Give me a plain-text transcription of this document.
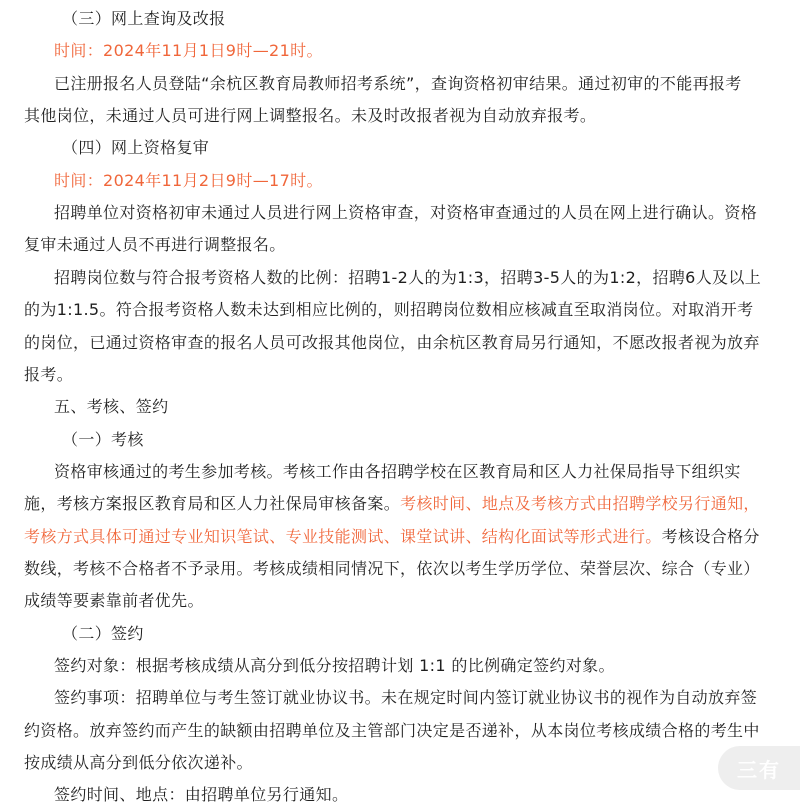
（三）网上查询及改报
时间：2024年11月1日9时—21时。
已注册报名人员登陆“余杭区教育局教师招考系统”，查询资格初审结果。通过初审的不能再报考
其他岗位，未通过人员可进行网上调整报名。未及时改报者视为自动放弃报考。
（四）网上资格复审
时间：2024年11月2日9时—17时。
招聘单位对资格初审未通过人员进行网上资格审查，对资格审查通过的人员在网上进行确认。资格
复审未通过人员不再进行调整报名。
招聘岗位数与符合报考资格人数的比例：招聘1-2人的为1:3，招聘3-5人的为1:2，招聘6人及以上
的为1:1.5。符合报考资格人数未达到相应比例的，则招聘岗位数相应核减直至取消岗位。对取消开考
的岗位，已通过资格审查的报名人员可改报其他岗位，由余杭区教育局另行通知，不愿改报者视为放弃
报考。
五、考核、签约
（一）考核
资格审核通过的考生参加考核。考核工作由各招聘学校在区教育局和区人力社保局指导下组织实
施，考核方案报区教育局和区人力社保局审核备案。考核时间、地点及考核方式由招聘学校另行通知，
考核方式具体可通过专业知识笔试、专业技能测试、课堂试讲、结构化面试等形式进行。考核设合格分
数线，考核不合格者不予录用。考核成绩相同情况下，依次以考生学历学位、荣誉层次、综合（专业）
成绩等要素靠前者优先。
（二）签约
签约对象：根据考核成绩从高分到低分按招聘计划 1:1 的比例确定签约对象。
签约事项：招聘单位与考生签订就业协议书。未在规定时间内签订就业协议书的视作为自动放弃签
约资格。放弃签约而产生的缺额由招聘单位及主管部门决定是否递补，从本岗位考核成绩合格的考生中
按成绩从高分到低分依次递补。
签约时间、地点：由招聘单位另行通知。
三有
